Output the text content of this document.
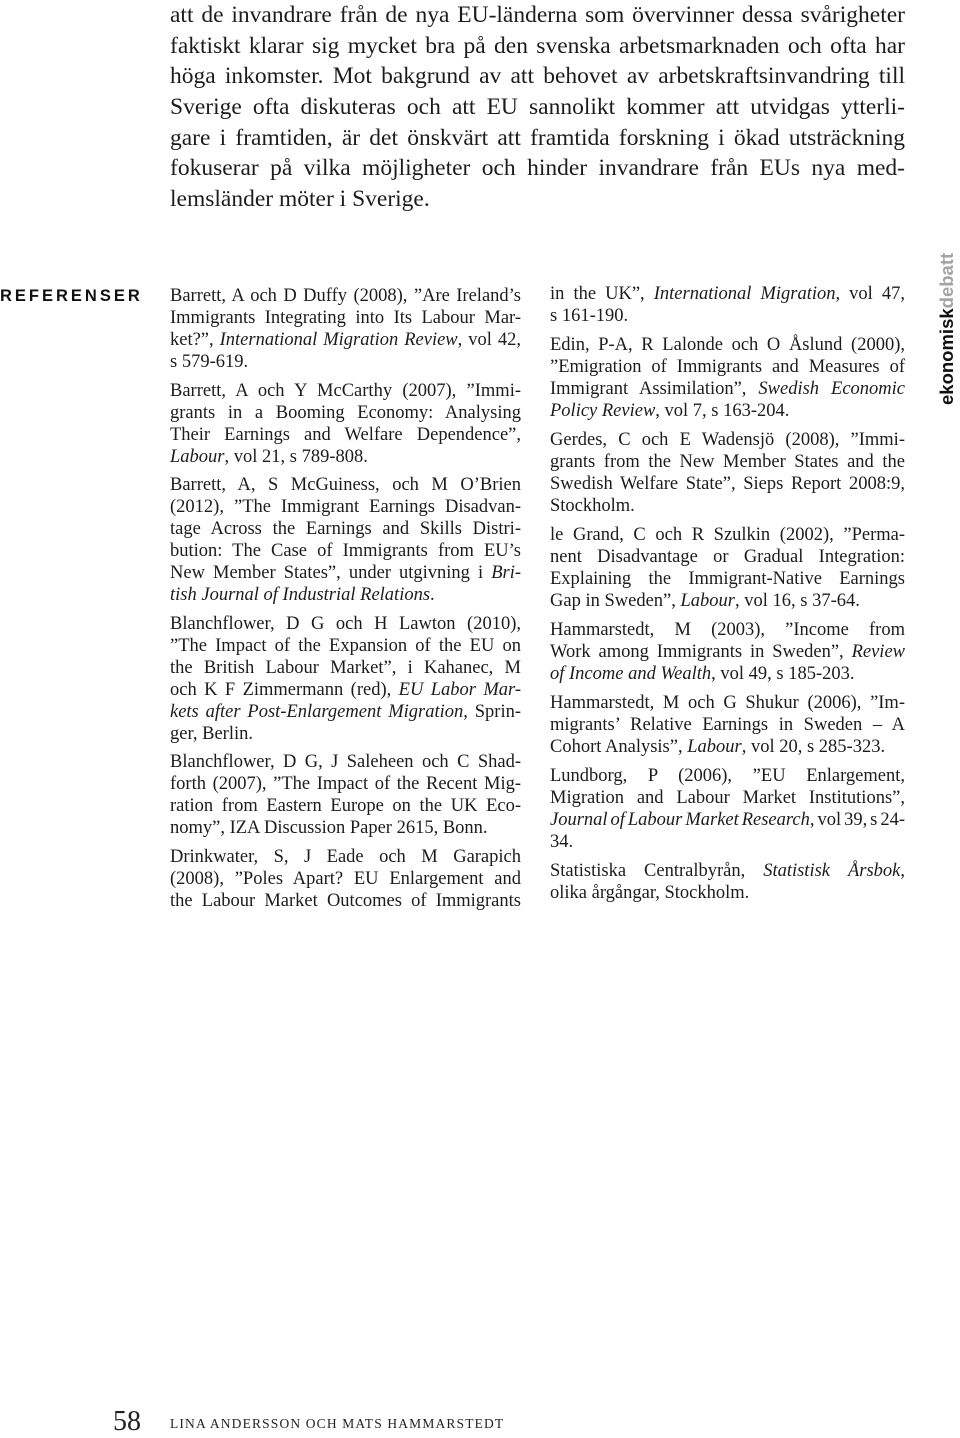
att de invandrare från de nya EU-länderna som övervinner dessa svårigheter
faktiskt klarar sig mycket bra på den svenska arbetsmarknaden och ofta har
höga inkomster. Mot bakgrund av att behovet av arbetskraftsinvandring till
Sverige ofta diskuteras och att EU sannolikt kommer att utvidgas ytterli-
gare i framtiden, är det önskvärt att framtida forskning i ökad utsträckning
fokuserar på vilka möjligheter och hinder invandrare från EUs nya med-
lemsländer möter i Sverige.
REFERENSER Barrett, A och D Duffy (2008), ”Are Ireland’s
Immigrants Integrating into Its Labour Mar-
ket?”, International Migration Review, vol 42,
s 579-619.
Barrett, A och Y McCarthy (2007), ”Immi-
grants in a Booming Economy: Analysing
Their Earnings and Welfare Dependence”,
Labour, vol 21, s 789-808.
Barrett, A, S McGuiness, och M O’Brien
(2012), ”The Immigrant Earnings Disadvan-
tage Across the Earnings and Skills Distri-
bution: The Case of Immigrants from EU’s
New Member States”, under utgivning i Bri-
tish Journal of Industrial Relations.
Blanchflower, D G och H Lawton (2010),
”The Impact of the Expansion of the EU on
the British Labour Market”, i Kahanec, M
och K F Zimmermann (red), EU Labor Mar-
kets after Post-Enlargement Migration, Sprin-
ger, Berlin.
Blanchflower, D G, J Saleheen och C Shad-
forth (2007), ”The Impact of the Recent Mig-
ration from Eastern Europe on the UK Eco-
nomy”, IZA Discussion Paper 2615, Bonn.
Drinkwater, S, J Eade och M Garapich
(2008), ”Poles Apart? EU Enlargement and
the Labour Market Outcomes of Immigrants
in the UK”, International Migration, vol 47,
s 161-190.
Edin, P-A, R Lalonde och O Åslund (2000),
”Emigration of Immigrants and Measures of
Immigrant Assimilation”, Swedish Economic
Policy Review, vol 7, s 163-204.
Gerdes, C och E Wadensjö (2008), ”Immi-
grants from the New Member States and the
Swedish Welfare State”, Sieps Report 2008:9,
Stockholm.
le Grand, C och R Szulkin (2002), ”Perma-
nent Disadvantage or Gradual Integration:
Explaining the Immigrant-Native Earnings
Gap in Sweden”, Labour, vol 16, s 37-64.
Hammarstedt, M (2003), ”Income from
Work among Immigrants in Sweden”, Review
of Income and Wealth, vol 49, s 185-203.
Hammarstedt, M och G Shukur (2006), ”Im-
migrants’ Relative Earnings in Sweden – A
Cohort Analysis”, Labour, vol 20, s 285-323.
Lundborg, P (2006), ”EU Enlargement,
Migration and Labour Market Institutions”,
Journal of Labour Market Research, vol 39, s 24-
34.
Statistiska Centralbyrån, Statistisk Årsbok,
olika årgångar, Stockholm.
ekonomiskdebatt
58 LINA ANDERSSON OCH MATS HAMMARSTEDT
